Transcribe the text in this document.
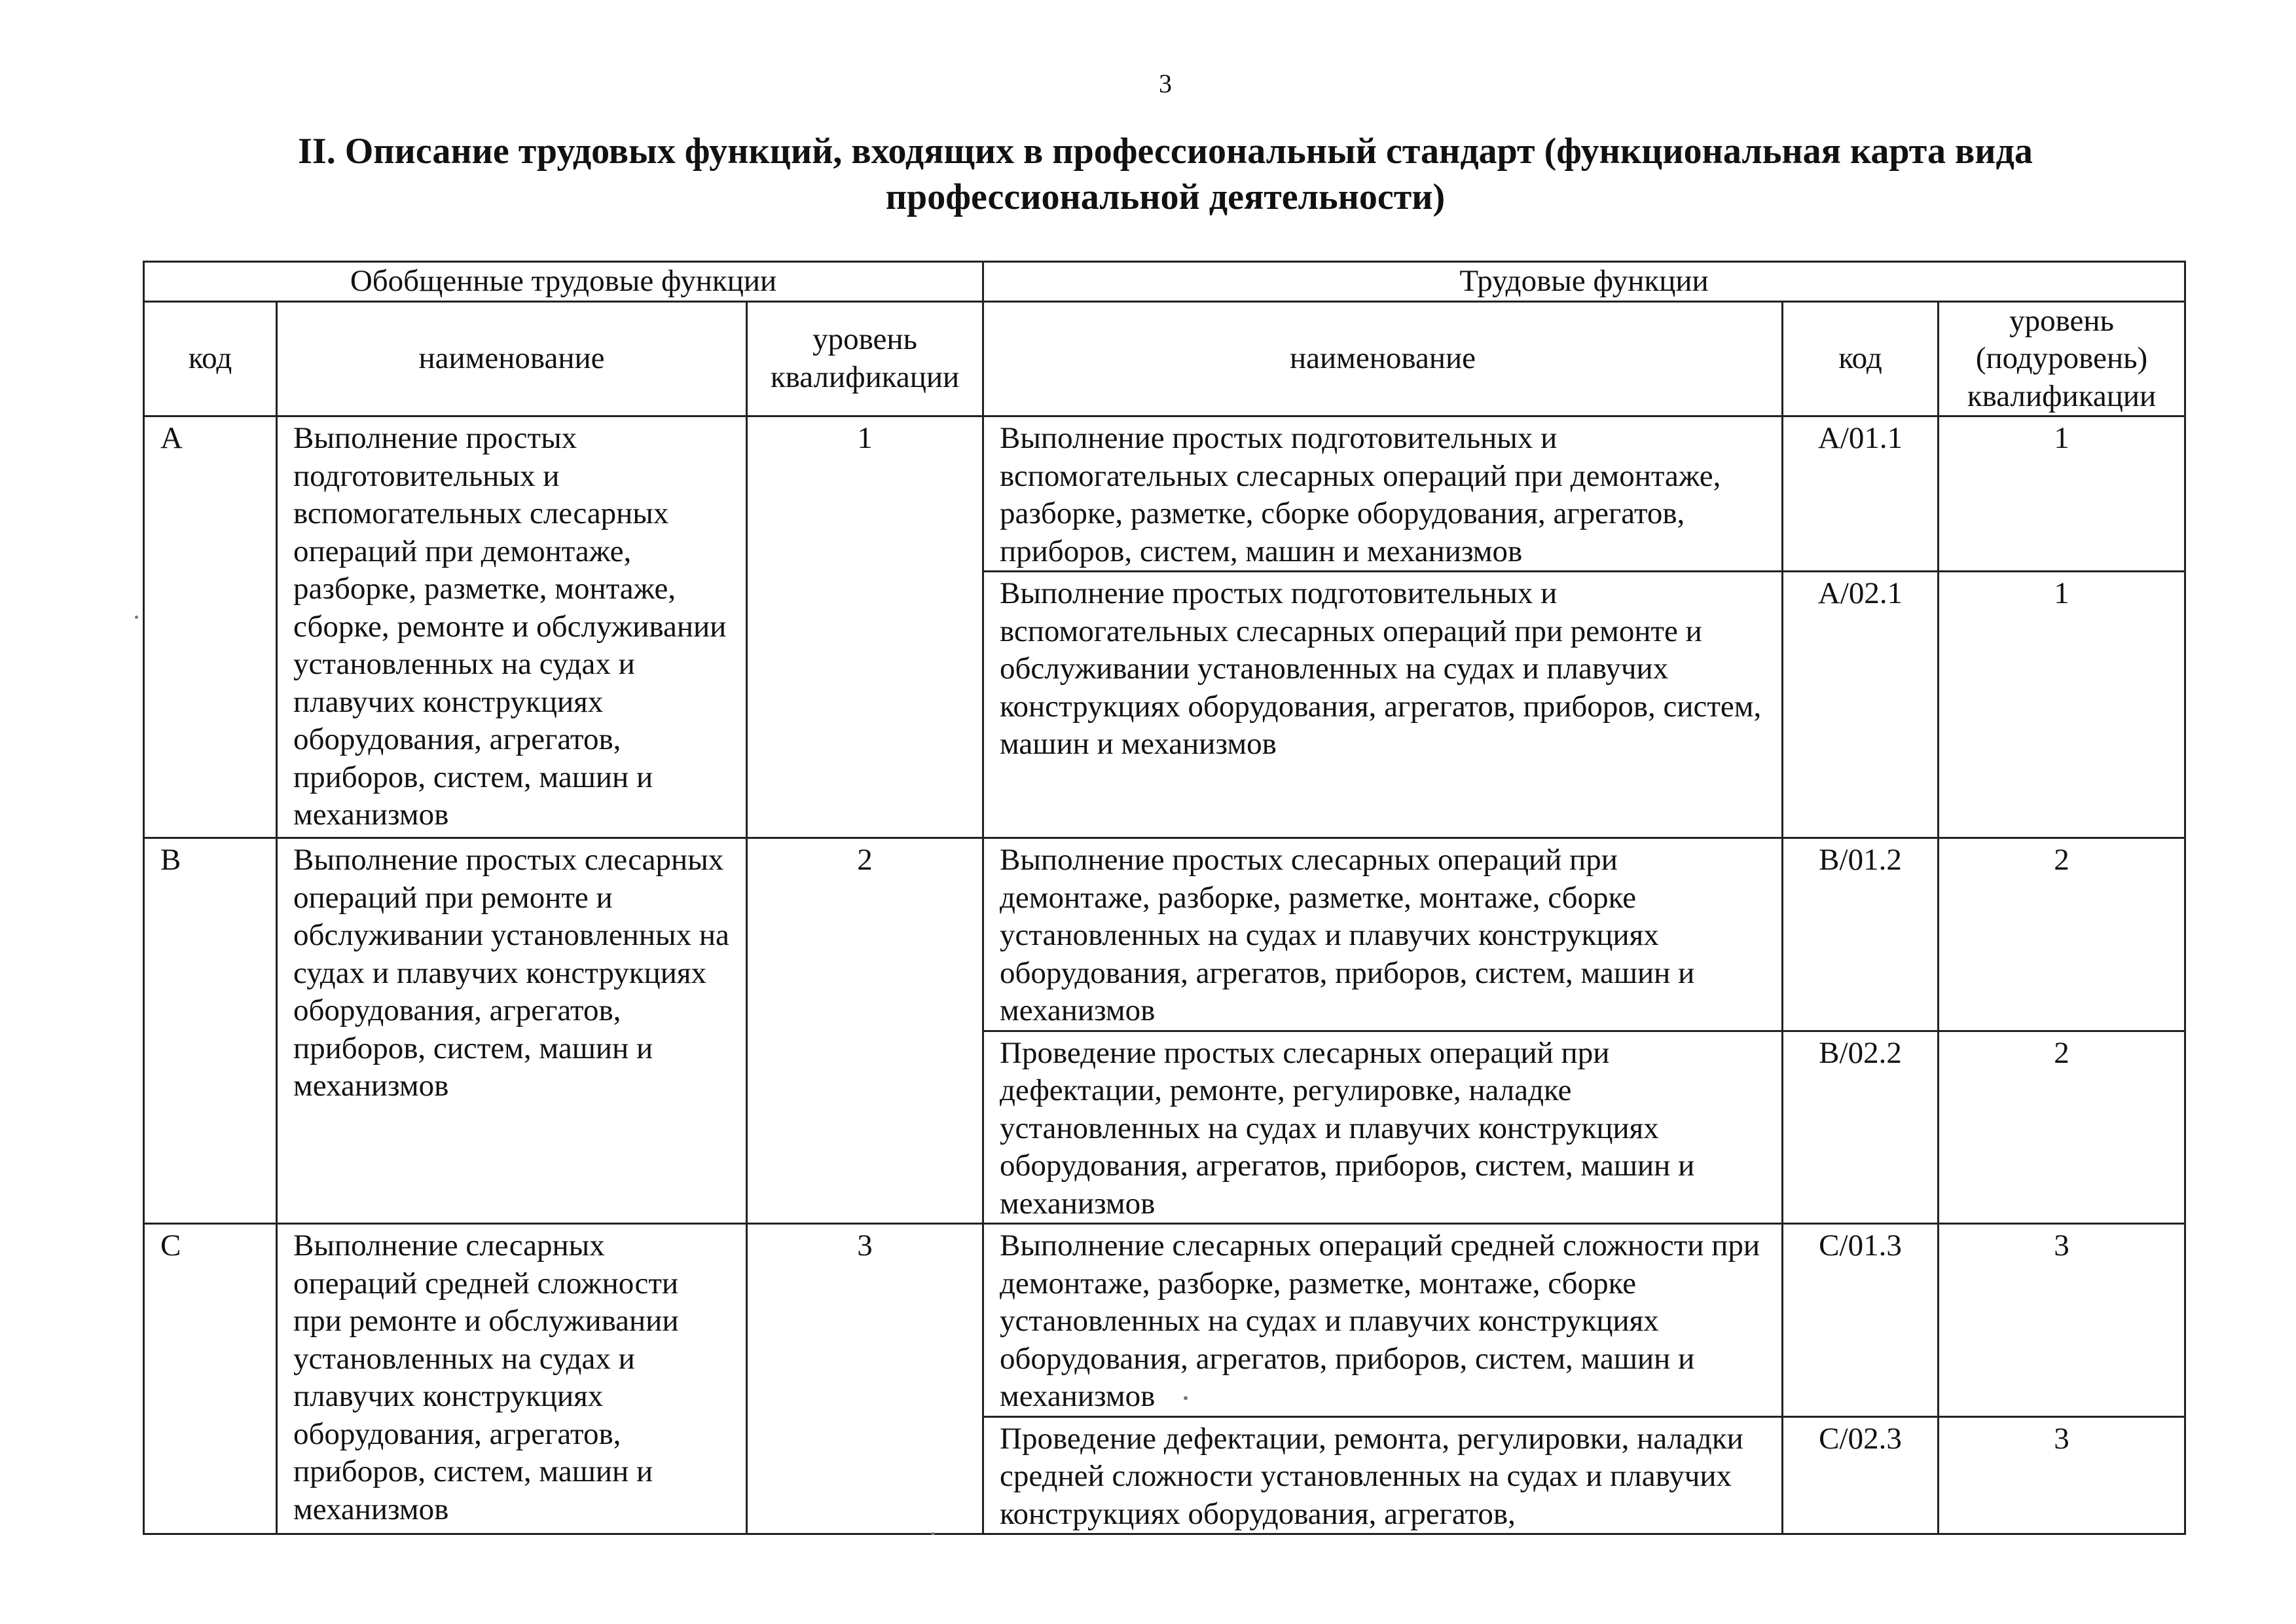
3
II. Описание трудовых функций, входящих в профессиональный стандарт (функциональная карта вида профессиональной деятельности)
Обобщенные трудовые функции			Трудовые функции		
код	наименование	уровень квалификации	наименование	код	уровень (подуровень) квалификации
A	Выполнение простых подготовительных и вспомогательных слесарных операций при демонтаже, разборке, разметке, монтаже, сборке, ремонте и обслуживании установленных на судах и плавучих конструкциях оборудования, агрегатов, приборов, систем, машин и механизмов	1	Выполнение простых подготовительных и вспомогательных слесарных операций при демонтаже, разборке, разметке, сборке оборудования, агрегатов, приборов, систем, машин и механизмов	A/01.1	1
			Выполнение простых подготовительных и вспомогательных слесарных операций при ремонте и обслуживании установленных на судах и плавучих конструкциях оборудования, агрегатов, приборов, систем, машин и механизмов	A/02.1	1
B	Выполнение простых слесарных операций при ремонте и обслуживании установленных на судах и плавучих конструкциях оборудования, агрегатов, приборов, систем, машин и механизмов	2	Выполнение простых слесарных операций при демонтаже, разборке, разметке, монтаже, сборке установленных на судах и плавучих конструкциях оборудования, агрегатов, приборов, систем, машин и механизмов	B/01.2	2
			Проведение простых слесарных операций при дефектации, ремонте, регулировке, наладке установленных на судах и плавучих конструкциях оборудования, агрегатов, приборов, систем, машин и механизмов	B/02.2	2
C	Выполнение слесарных операций средней сложности при ремонте и обслуживании установленных на судах и плавучих конструкциях оборудования, агрегатов, приборов, систем, машин и механизмов	3	Выполнение слесарных операций средней сложности при демонтаже, разборке, разметке, монтаже, сборке установленных на судах и плавучих конструкциях оборудования, агрегатов, приборов, систем, машин и механизмов	C/01.3	3
			Проведение дефектации, ремонта, регулировки, наладки средней сложности установленных на судах и плавучих конструкциях оборудования, агрегатов,	C/02.3	3
